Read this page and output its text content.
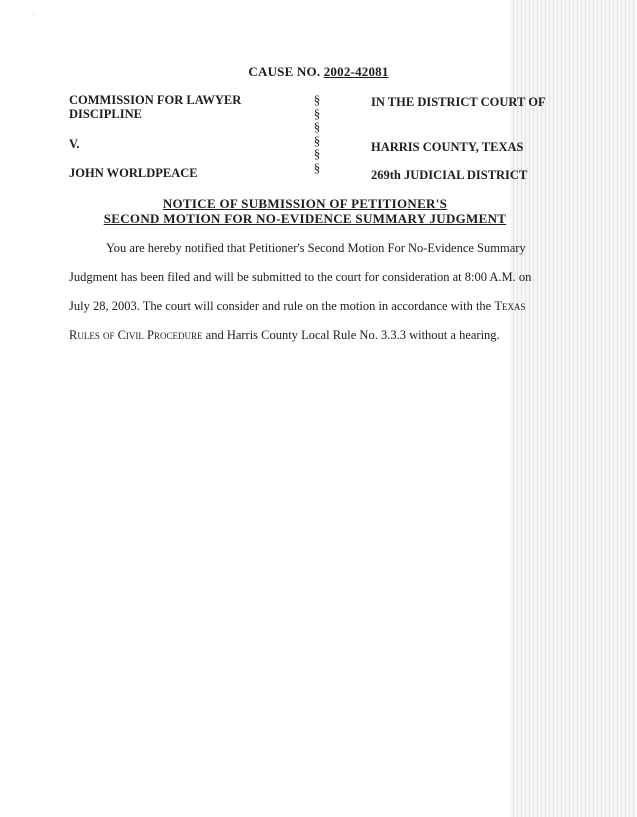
·
CAUSE NO. 2002-42081
COMMISSION FOR LAWYER
DISCIPLINE
V.
JOHN WORLDPEACE
§
§
§
§
§
§
IN THE DISTRICT COURT OF
HARRIS COUNTY, TEXAS
269th JUDICIAL DISTRICT
NOTICE OF SUBMISSION OF PETITIONER'S
SECOND MOTION FOR NO-EVIDENCE SUMMARY JUDGMENT
You are hereby notified that Petitioner's Second Motion For No-Evidence Summary
Judgment has been filed and will be submitted to the court for consideration at 8:00 A.M. on
July 28, 2003. The court will consider and rule on the motion in accordance with the Texas
Rules of Civil Procedure and Harris County Local Rule No. 3.3.3 without a hearing.
